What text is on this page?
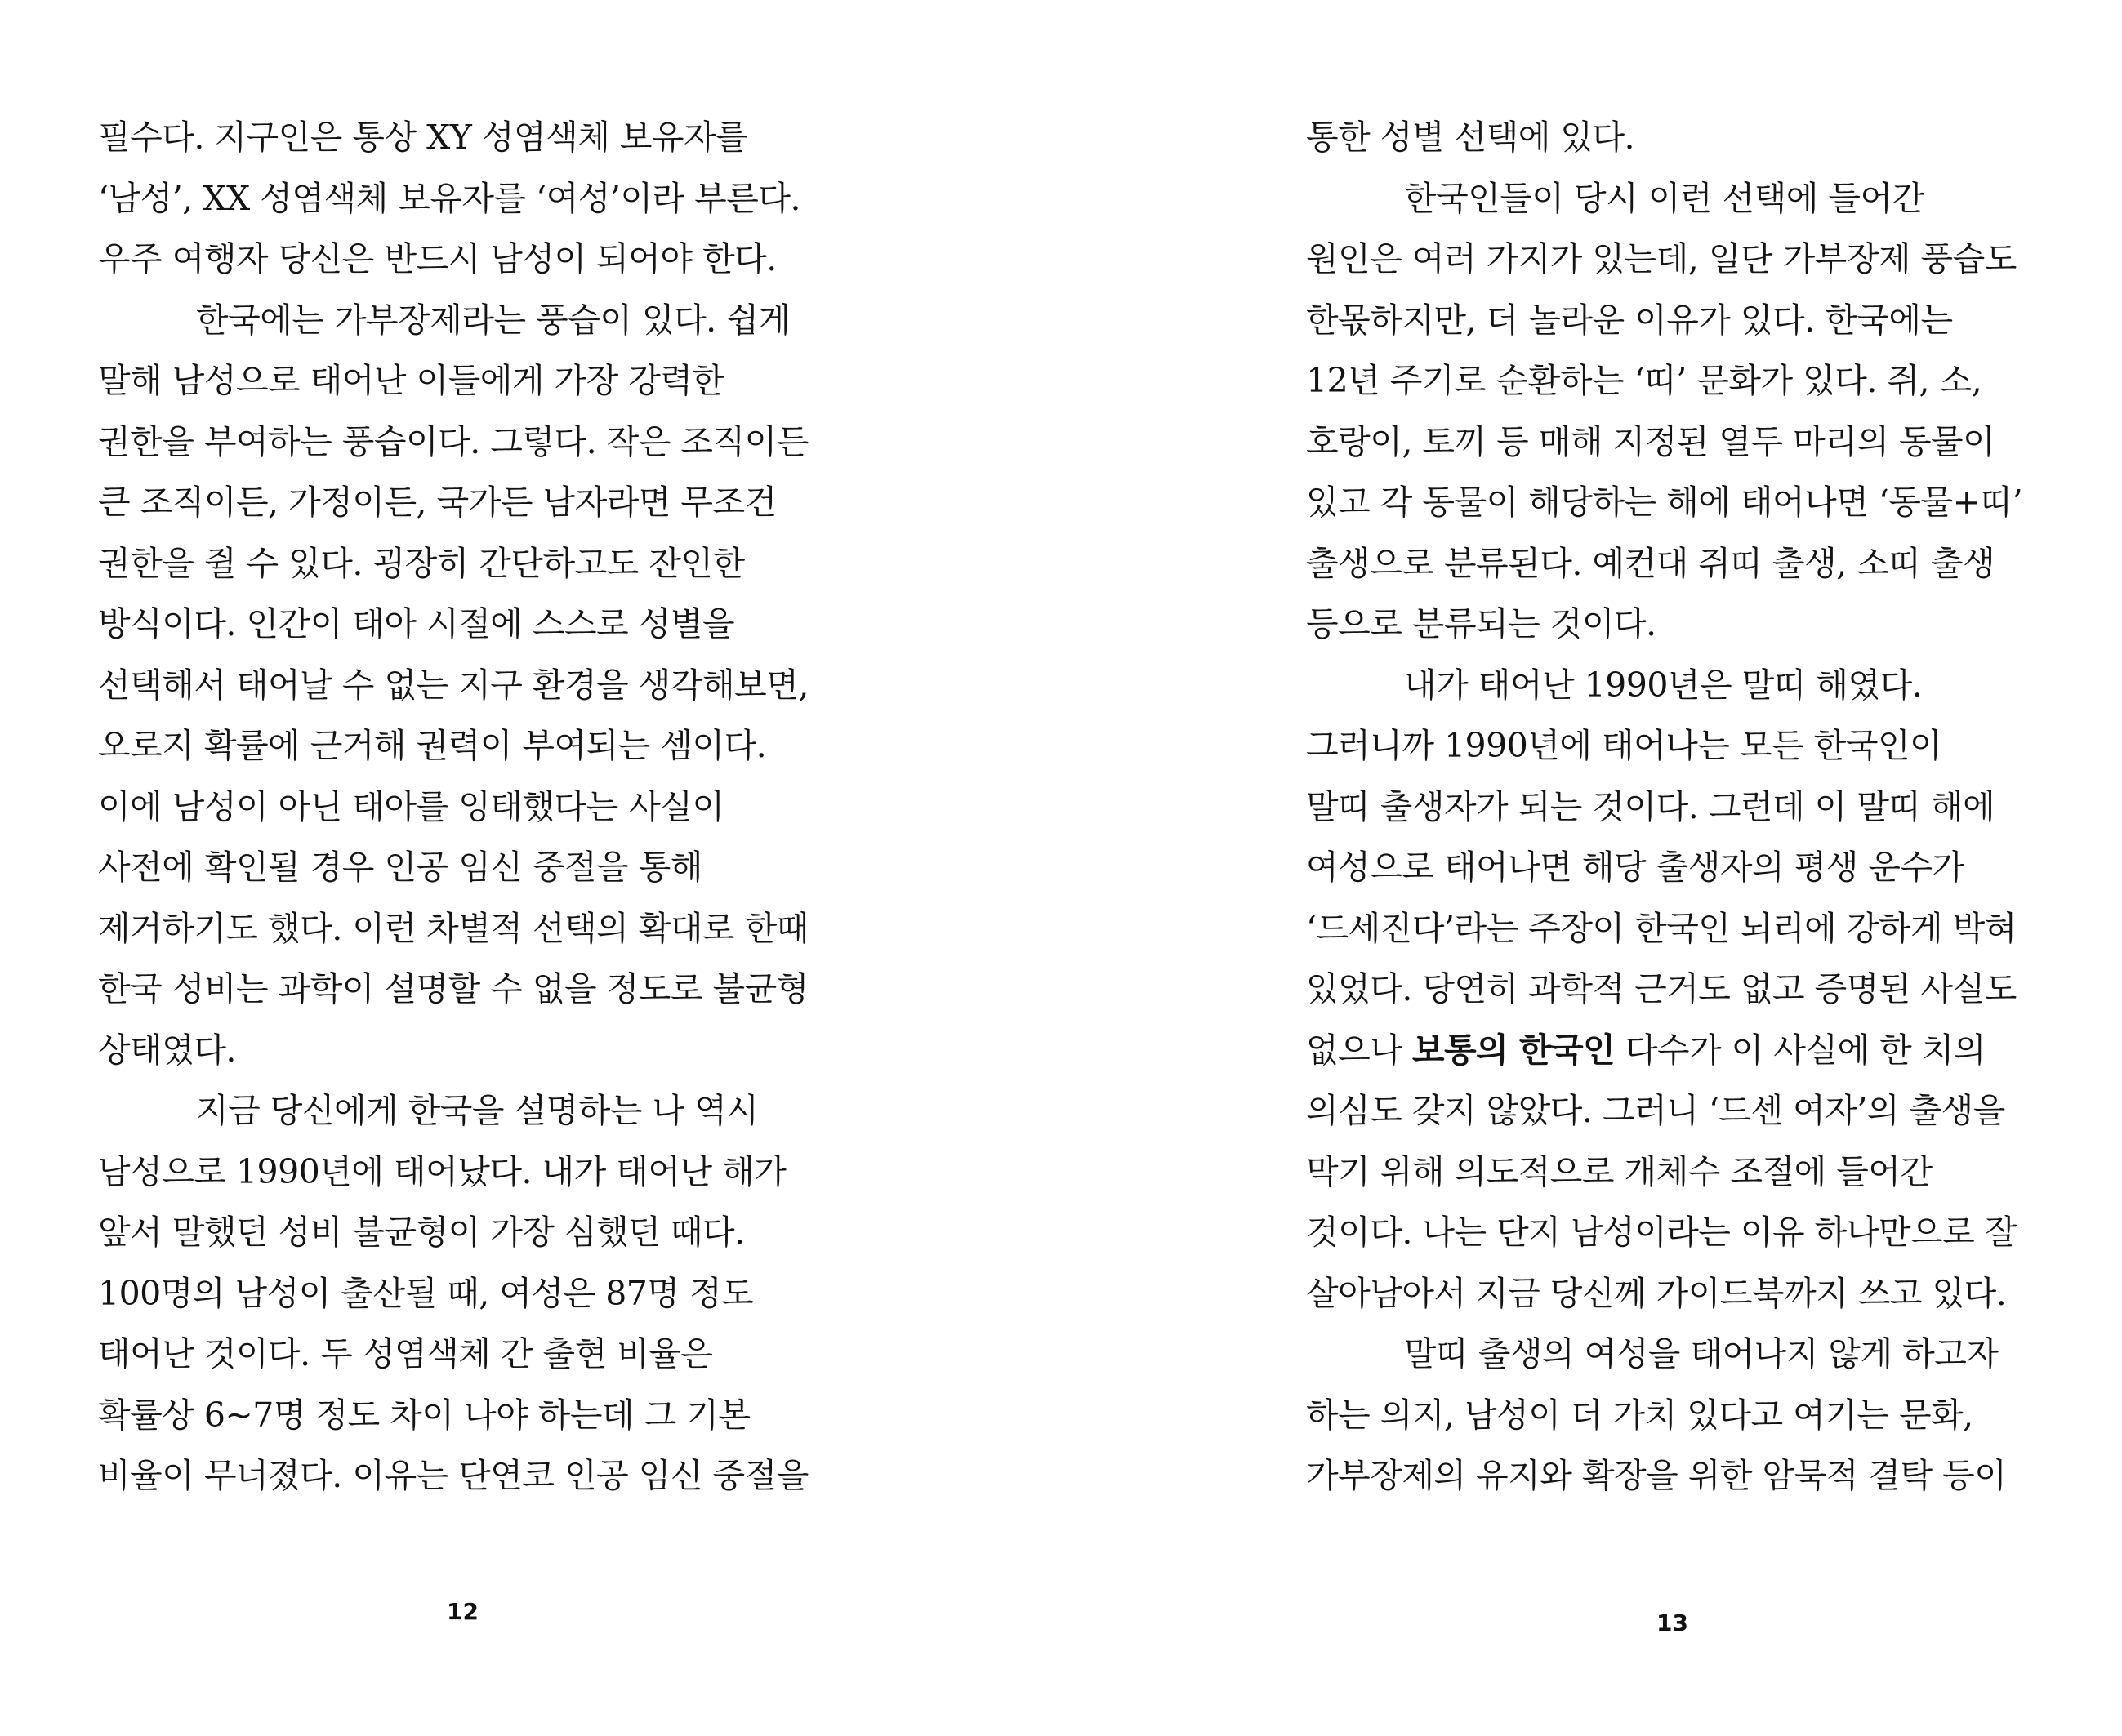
필수다. 지구인은 통상 XY 성염색체 보유자를
‘남성’, XX 성염색체 보유자를 ‘여성’이라 부른다.
우주 여행자 당신은 반드시 남성이 되어야 한다.
한국에는 가부장제라는 풍습이 있다. 쉽게
말해 남성으로 태어난 이들에게 가장 강력한
권한을 부여하는 풍습이다. 그렇다. 작은 조직이든
큰 조직이든, 가정이든, 국가든 남자라면 무조건
권한을 쥘 수 있다. 굉장히 간단하고도 잔인한
방식이다. 인간이 태아 시절에 스스로 성별을
선택해서 태어날 수 없는 지구 환경을 생각해보면,
오로지 확률에 근거해 권력이 부여되는 셈이다.
이에 남성이 아닌 태아를 잉태했다는 사실이
사전에 확인될 경우 인공 임신 중절을 통해
제거하기도 했다. 이런 차별적 선택의 확대로 한때
한국 성비는 과학이 설명할 수 없을 정도로 불균형
상태였다.
지금 당신에게 한국을 설명하는 나 역시
남성으로 1990년에 태어났다. 내가 태어난 해가
앞서 말했던 성비 불균형이 가장 심했던 때다.
100명의 남성이 출산될 때, 여성은 87명 정도
태어난 것이다. 두 성염색체 간 출현 비율은
확률상 6~7명 정도 차이 나야 하는데 그 기본
비율이 무너졌다. 이유는 단연코 인공 임신 중절을
12
통한 성별 선택에 있다.
한국인들이 당시 이런 선택에 들어간
원인은 여러 가지가 있는데, 일단 가부장제 풍습도
한몫하지만, 더 놀라운 이유가 있다. 한국에는
12년 주기로 순환하는 ‘띠’ 문화가 있다. 쥐, 소,
호랑이, 토끼 등 매해 지정된 열두 마리의 동물이
있고 각 동물이 해당하는 해에 태어나면 ‘동물+띠’
출생으로 분류된다. 예컨대 쥐띠 출생, 소띠 출생
등으로 분류되는 것이다.
내가 태어난 1990년은 말띠 해였다.
그러니까 1990년에 태어나는 모든 한국인이
말띠 출생자가 되는 것이다. 그런데 이 말띠 해에
여성으로 태어나면 해당 출생자의 평생 운수가
‘드세진다’라는 주장이 한국인 뇌리에 강하게 박혀
있었다. 당연히 과학적 근거도 없고 증명된 사실도
없으나 보통의 한국인 다수가 이 사실에 한 치의
의심도 갖지 않았다. 그러니 ‘드센 여자’의 출생을
막기 위해 의도적으로 개체수 조절에 들어간
것이다. 나는 단지 남성이라는 이유 하나만으로 잘
살아남아서 지금 당신께 가이드북까지 쓰고 있다.
말띠 출생의 여성을 태어나지 않게 하고자
하는 의지, 남성이 더 가치 있다고 여기는 문화,
가부장제의 유지와 확장을 위한 암묵적 결탁 등이
13
